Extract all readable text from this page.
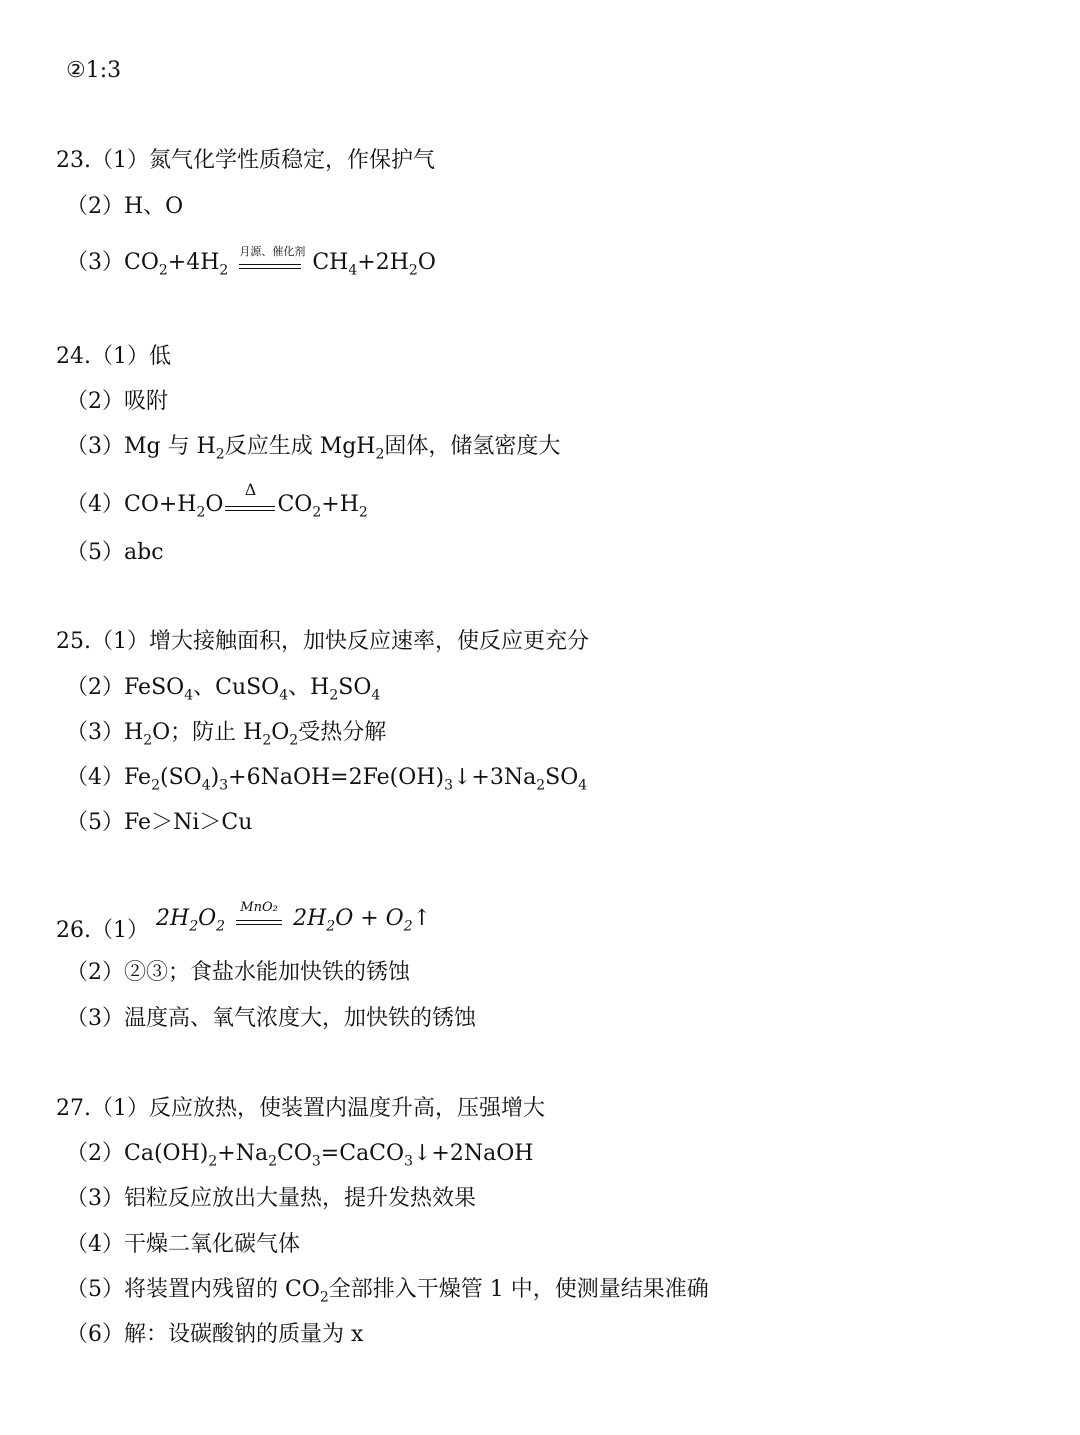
②1:3
23.（1）氮气化学性质稳定，作保护气
（2）H、O
$(3)CO_2+4H_2$
月源、催化剂 $CH_4+2H_2O$
24.（1）低
（2）吸附
（3）Mg 与 $H_2$反应生成 MgH$_2$固体，储氢密度大
$(4)CO+H_2O$
Δ
$CO_2+H_2$
（5）abc
25.（1）增大接触面积，加快反应速率，使反应更充分
（2）FeSO$_4$、CuSO$_4$、$H_2SO_4$
$(3)H_2O$；防止 $H_2O_2$受热分解
$(4)Fe_2(SO_4)_3+6NaOH=2Fe(OH)_3↓+3Na_2SO_4$
（5）Fe＞Ni＞Cu
26.（1） $2H_2O_2$
MnO₂ $2H_2O$ + $O_2↑$
（2）②③；食盐水能加快铁的锈蚀
（3）温度高、氧气浓度大，加快铁的锈蚀
27.（1）反应放热，使装置内温度升高，压强增大
$(2)Ca(OH)_2+Na_2CO_3=CaCO_3↓+2NaOH$
（3）铝粒反应放出大量热，提升发热效果
（4）干燥二氧化碳气体
（5）将装置内残留的 $CO_2$全部排入干燥管 1 中，使测量结果准确
（6）解：设碳酸钠的质量为 x
